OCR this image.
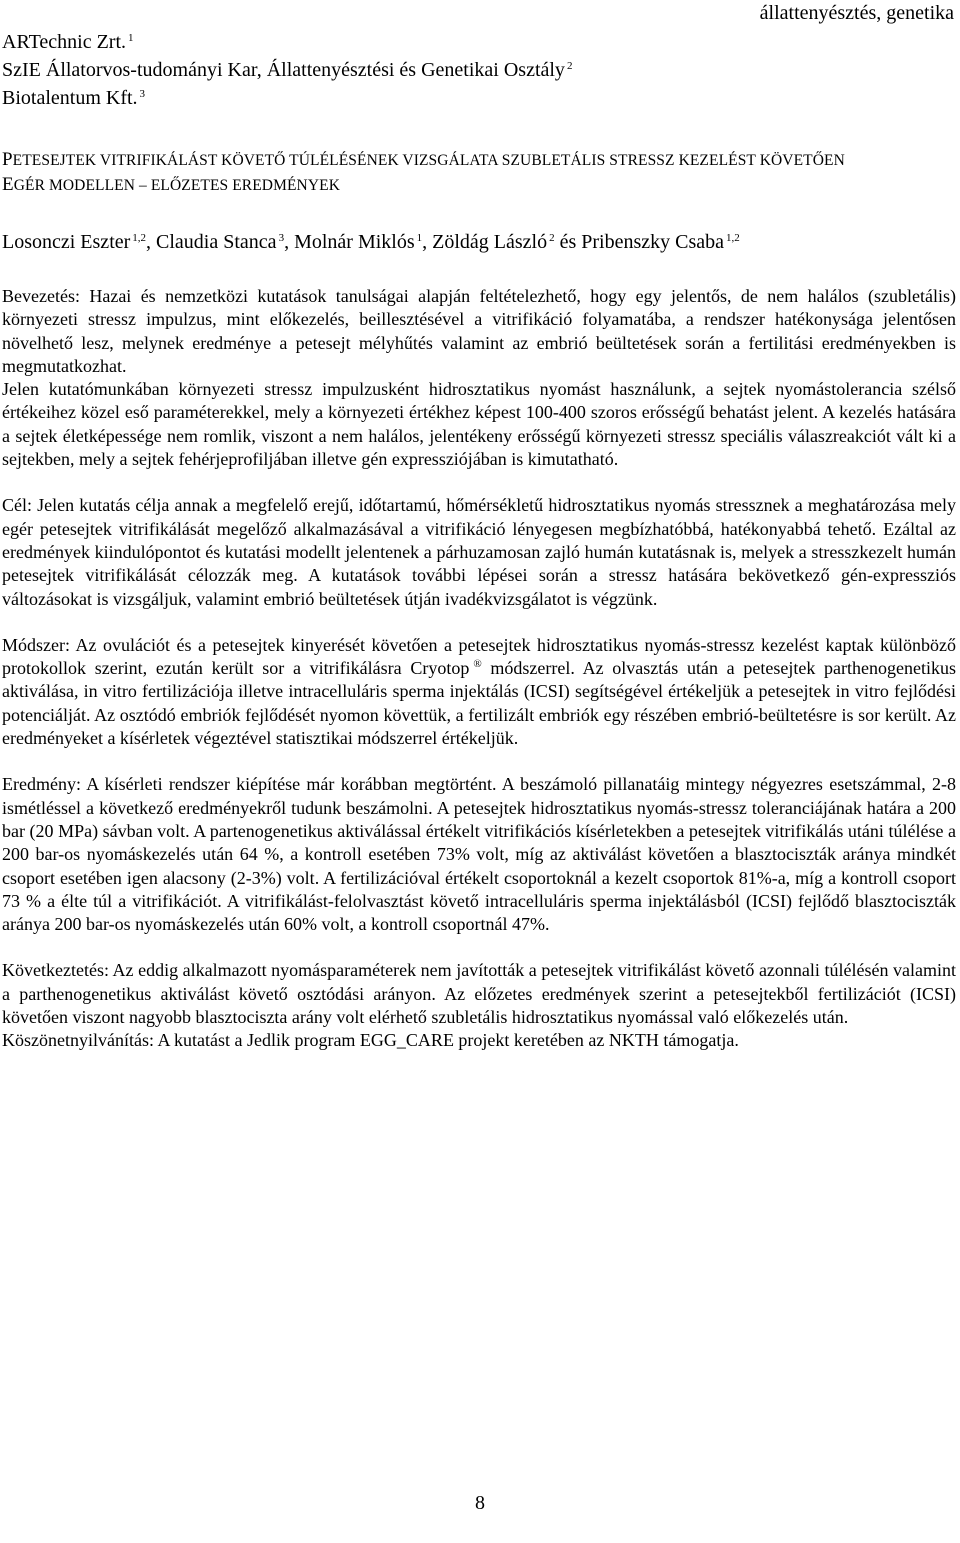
állattenyésztés, genetika
ARTechnic Zrt. $^1$
SzIE Állatorvos-tudományi Kar, Állattenyésztési és Genetikai Osztály $^2$
Biotalentum Kft. $^3$
PETESEJTEK VITRIFIKÁLÁST KÖVETŐ TÚLÉLÉSÉNEK VIZSGÁLATA SZUBLETÁLIS STRESSZ KEZELÉST KÖVETŐEN
EGÉR MODELLEN – ELŐZETES EREDMÉNYEK
Losonczi Eszter $^{1,2}$, Claudia Stanca $^3$, Molnár Miklós $^1$, Zöldág László $^2$ és Pribenszky Csaba $^{1,2}$

Bevezetés: Hazai és nemzetközi kutatások tanulságai alapján feltételezhető, hogy egy jelentős, de nem halálos (szubletális) környezeti stressz impulzus, mint előkezelés, beillesztésével a vitrifikáció folyamatába, a rendszer hatékonysága jelentősen növelhető lesz, melynek eredménye a petesejt mélyhűtés valamint az embrió beültetések során a fertilitási eredményekben is megmutatkozhat.

Jelen kutatómunkában környezeti stressz impulzusként hidrosztatikus nyomást használunk, a sejtek nyomástolerancia szélső értékeihez közel eső paraméterekkel, mely a környezeti értékhez képest 100-400 szoros erősségű behatást jelent. A kezelés hatására a sejtek életképessége nem romlik, viszont a nem halálos, jelentékeny erősségű környezeti stressz speciális válaszreakciót vált ki a sejtekben, mely a sejtek fehérjeprofiljában illetve gén expressziójában is kimutatható.

Cél: Jelen kutatás célja annak a megfelelő erejű, időtartamú, hőmérsékletű hidrosztatikus nyomás stressznek a meghatározása mely egér petesejtek vitrifikálását megelőző alkalmazásával a vitrifikáció lényegesen megbízhatóbbá, hatékonyabbá tehető. Ezáltal az eredmények kiindulópontot és kutatási modellt jelentenek a párhuzamosan zajló humán kutatásnak is, melyek a stresszkezelt humán petesejtek vitrifikálását célozzák meg. A kutatások további lépései során a stressz hatására bekövetkező gén-expressziós változásokat is vizsgáljuk, valamint embrió beültetések útján ivadékvizsgálatot is végzünk.

Módszer: Az ovulációt és a petesejtek kinyerését követően a petesejtek hidrosztatikus nyomás-stressz kezelést kaptak különböző protokollok szerint, ezután került sor a vitrifikálásra Cryotop ® módszerrel. Az olvasztás után a petesejtek parthenogenetikus aktiválása, in vitro fertilizációja illetve intracelluláris sperma injektálás (ICSI) segítségével értékeljük a petesejtek in vitro fejlődési potenciálját. Az osztódó embriók fejlődését nyomon követtük, a fertilizált embriók egy részében embrió-beültetésre is sor került. Az eredményeket a kísérletek végeztével statisztikai módszerrel értékeljük.

Eredmény: A kísérleti rendszer kiépítése már korábban megtörtént. A beszámoló pillanatáig mintegy négyezres esetszámmal, 2-8 ismétléssel a következő eredményekről tudunk beszámolni. A petesejtek hidrosztatikus nyomás-stressz toleranciájának határa a 200 bar (20 MPa) sávban volt. A partenogenetikus aktiválással értékelt vitrifikációs kísérletekben a petesejtek vitrifikálás utáni túlélése a 200 bar-os nyomáskezelés után 64 %, a kontroll esetében 73% volt, míg az aktiválást követően a blasztociszták aránya mindkét csoport esetében igen alacsony (2-3%) volt. A fertilizációval értékelt csoportoknál a kezelt csoportok 81%-a, míg a kontroll csoport 73 % a élte túl a vitrifikációt. A vitrifikálást-felolvasztást követő intracelluláris sperma injektálásból (ICSI) fejlődő blasztociszták aránya 200 bar-os nyomáskezelés után 60% volt, a kontroll csoportnál 47%.

Következtetés: Az eddig alkalmazott nyomásparaméterek nem javították a petesejtek vitrifikálást követő azonnali túlélésén valamint a parthenogenetikus aktiválást követő osztódási arányon. Az előzetes eredmények szerint a petesejtekből fertilizációt (ICSI) követően viszont nagyobb blasztociszta arány volt elérhető szubletális hidrosztatikus nyomással való előkezelés után.

Köszönetnyilvánítás: A kutatást a Jedlik program EGG_CARE projekt keretében az NKTH támogatja.

8
